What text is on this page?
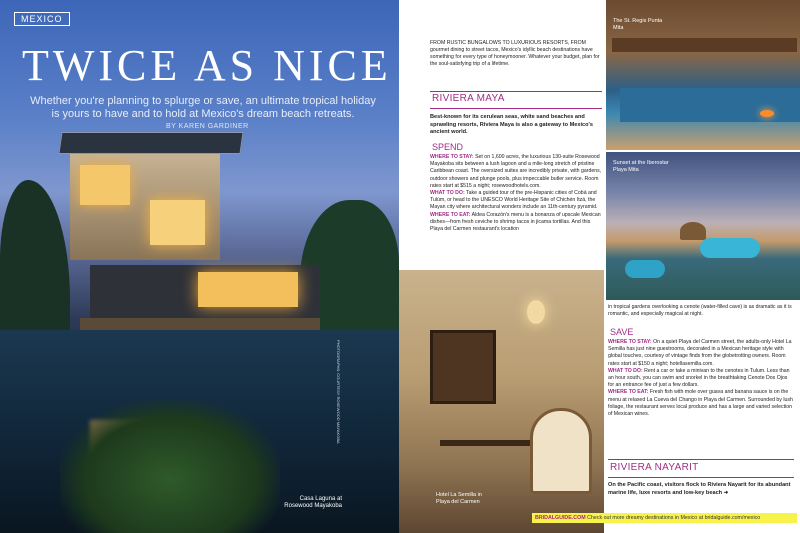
MEXICO
TWICE AS NICE
Whether you're planning to splurge or save, an ultimate tropical holiday is yours to have and to hold at Mexico's dream beach retreats.
BY KAREN GARDINER
Casa Laguna at Rosewood Mayakoba
PHOTOGRAPHS: COURTESY ROSEWOOD MAYAKOBA
The St. Regis Punta Mita
Sunset at the Iberostar Playa Mita
Hotel La Semilla in Playa del Carmen
FROM RUSTIC BUNGALOWS TO LUXURIOUS RESORTS, FROM gourmet dining to street tacos, Mexico's idyllic beach destinations have something for every type of honeymooner. Whatever your budget, plan for the soul-satisfying trip of a lifetime.
RIVIERA MAYA
Best-known for its cerulean seas, white sand beaches and sprawling resorts, Riviera Maya is also a gateway to Mexico's ancient world.
SPEND

WHERE TO STAY: Set on 1,600 acres, the luxurious 130-suite Rosewood Mayakoba sits between a lush lagoon and a mile-long stretch of pristine Caribbean coast. The oversized suites are incredibly private, with gardens, outdoor showers and plunge pools, plus impeccable butler service. Room rates start at $515 a night; rosewoodhotels.com.

WHAT TO DO: Take a guided tour of the pre-Hispanic cities of Cobá and Tulúm, or head to the UNESCO World Heritage Site of Chichén Itzá, the Mayan city where architectural wonders include an 11th-century pyramid.

WHERE TO EAT: Aldea Corazón's menu is a bonanza of upscale Mexican dishes—from fresh ceviche to shrimp tacos in jicama tortillas. And this Playa del Carmen restaurant's location

in tropical gardens overlooking a cenote (water-filled cave) is as dramatic as it is romantic, and especially magical at night.
SAVE

WHERE TO STAY: On a quiet Playa del Carmen street, the adults-only Hotel La Semilla has just nine guestrooms, decorated in a Mexican heritage style with global touches, courtesy of vintage finds from the globetrotting owners. Room rates start at $150 a night; hotellasemilla.com.

WHAT TO DO: Rent a car or take a minivan to the cenotes in Tulum. Less than an hour south, you can swim and snorkel in the breathtaking Cenote Dos Ojos for an entrance fee of just a few dollars.

WHERE TO EAT: Fresh fish with mole over guava and banana sauce is on the menu at relaxed La Cueva del Chango in Playa del Carmen. Surrounded by lush foliage, the restaurant serves local produce and has a large and varied selection of Mexican wines.

RIVIERA NAYARIT
On the Pacific coast, visitors flock to Riviera Nayarit for its abundant marine life, luxe resorts and low-key beach ➜
BRIDALGUIDE.COM Check out more dreamy destinations in Mexico at bridalguide.com/mexico
